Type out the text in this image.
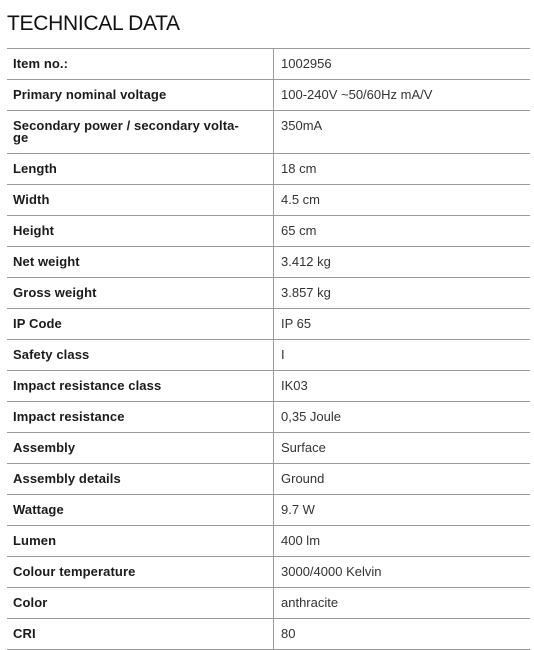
TECHNICAL DATA
Item no.:	1002956
Primary nominal voltage	100-240V ~50/60Hz mA/V
Secondary power / secondary volta-
ge	350mA
Length	18 cm
Width	4.5 cm
Height	65 cm
Net weight	3.412 kg
Gross weight	3.857 kg
IP Code	IP 65
Safety class	I
Impact resistance class	IK03
Impact resistance	0,35 Joule
Assembly	Surface
Assembly details	Ground
Wattage	9.7 W
Lumen	400 lm
Colour temperature	3000/4000 Kelvin
Color	anthracite
CRI	80
